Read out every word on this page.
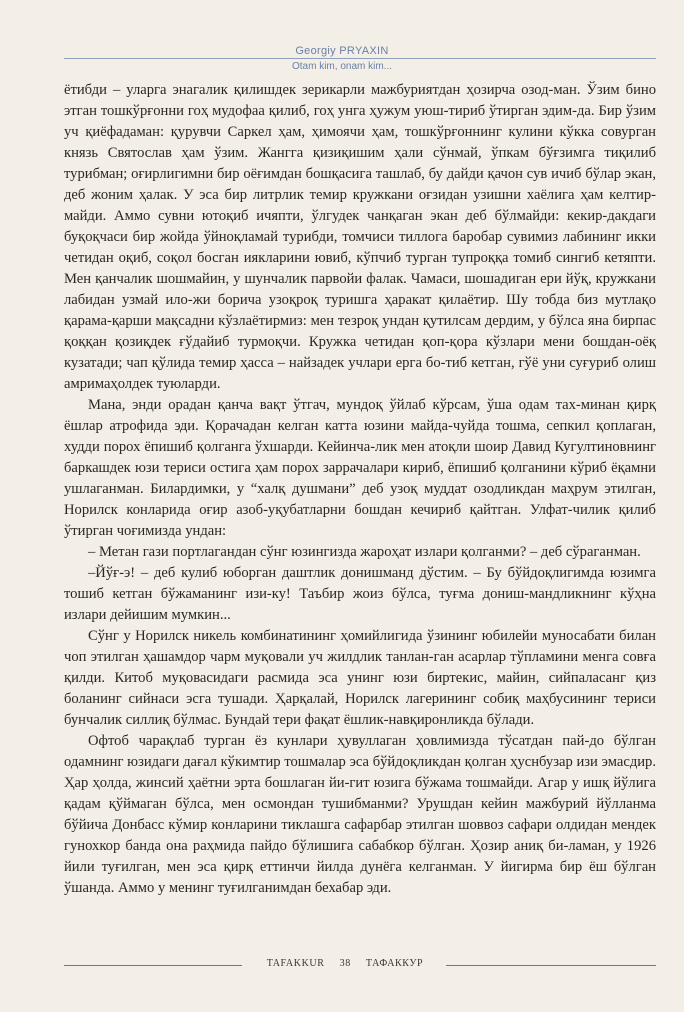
Georgiy PRYAXIN
Otam kim, onam kim...

ётибди – уларга энагалик қилишдек зерикарли мажбуриятдан ҳозирча озод-ман. Ўзим бино этган тошкўрғонни гоҳ мудофаа қилиб, гоҳ унга ҳужум уюш-тириб ўтирган эдим-да. Бир ўзим уч қиёфадаман: қурувчи Саркел ҳам, ҳимоячи ҳам, тошкўрғоннинг кулини кўкка совурган князь Святослав ҳам ўзим. Жангга қизиқишим ҳали сўнмай, ўпкам бўғзимга тиқилиб турибман; оғирлигимни бир оёғимдан бошқасига ташлаб, бу дайди қачон сув ичиб бўлар экан, деб жоним ҳалак. У эса бир литрлик темир кружкани оғзидан узишни хаёлига ҳам келтир-майди. Аммо сувни ютоқиб ичяпти, ўлгудек чанқаган экан деб бўлмайди: кекир-дакдаги буқоқчаси бир жойда ўйноқламай турибди, томчиси тиллога баробар сувимиз лабининг икки четидан оқиб, соқол босган иякларини ювиб, кўпчиб турган тупроққа томиб сингиб кетяпти. Мен қанчалик шошмайин, у шунчалик парвойи фалак. Чамаси, шошадиган ери йўқ, кружкани лабидан узмай ило-жи борича узоқроқ туришга ҳаракат қилаётир. Шу тобда биз мутлақо қарама-қарши мақсадни кўзлаётирмиз: мен тезроқ ундан қутилсам дердим, у бўлса яна бирпас қоққан қозиқдек ғўдайиб турмоқчи. Кружка четидан қоп-қора кўзлари мени бошдан-оёқ кузатади; чап қўлида темир ҳасса – найзадек учлари ерга бо-тиб кетган, гўё уни суғуриб олиш амримаҳолдек туюларди.

Мана, энди орадан қанча вақт ўтгач, мундоқ ўйлаб кўрсам, ўша одам тах-минан қирқ ёшлар атрофида эди. Қорачадан келган катта юзини майда-чуйда тошма, сепкил қоплаган, худди порох ёпишиб қолганга ўхшарди. Кейинча-лик мен атоқли шоир Давид Кугултиновнинг баркашдек юзи териси остига ҳам порох заррачалари кириб, ёпишиб қолганини кўриб ёқамни ушлаганман. Билардимки, у “халқ душмани” деб узоқ муддат озодликдан маҳрум этилган, Норилск конларида оғир азоб-уқубатларни бошдан кечириб қайтган. Улфат-чилик қилиб ўтирган чоғимизда ундан:

– Метан гази портлагандан сўнг юзингизда жароҳат излари қолганми? – деб сўраганман.

–Йўғ-э! – деб кулиб юборган даштлик донишманд дўстим. – Бу бўйдоқлигимда юзимга тошиб кетган бўжаманинг изи-ку! Таъбир жоиз бўлса, туғма дониш-мандликнинг кўҳна излари дейишим мумкин...

Сўнг у Норилск никель комбинатининг ҳомийлигида ўзининг юбилейи муносабати билан чоп этилган ҳашамдор чарм муқовали уч жилдлик танлан-ган асарлар тўпламини менга совға қилди. Китоб муқовасидаги расмида эса унинг юзи биртекис, майин, сийпаласанг қиз боланинг сийнаси эсга тушади. Ҳарқалай, Норилск лагерининг собиқ маҳбусининг териси бунчалик силлиқ бўлмас. Бундай тери фақат ёшлик-навқиронликда бўлади.

Офтоб чарақлаб турган ёз кунлари ҳувуллаган ҳовлимизда тўсатдан пай-до бўлган одамнинг юзидаги дағал кўкимтир тошмалар эса бўйдоқликдан қолган ҳуснбузар изи эмасдир. Ҳар ҳолда, жинсий ҳаётни эрта бошлаган йи-гит юзига бўжама тошмайди. Агар у ишқ йўлига қадам қўймаган бўлса, мен осмондан тушибманми? Урушдан кейин мажбурий йўлланма бўйича Донбасс кўмир конларини тиклашга сафарбар этилган шоввоз сафари олдидан мендек гунохкор банда она раҳмида пайдо бўлишига сабабкор бўлган. Ҳозир аниқ би-ламан, у 1926 йили туғилган, мен эса қирқ еттинчи йилда дунёга келганман. У йигирма бир ёш бўлган ўшанда. Аммо у менинг туғилганимдан бехабар эди.

TAFAKKUR 38 ТАФАККУР
